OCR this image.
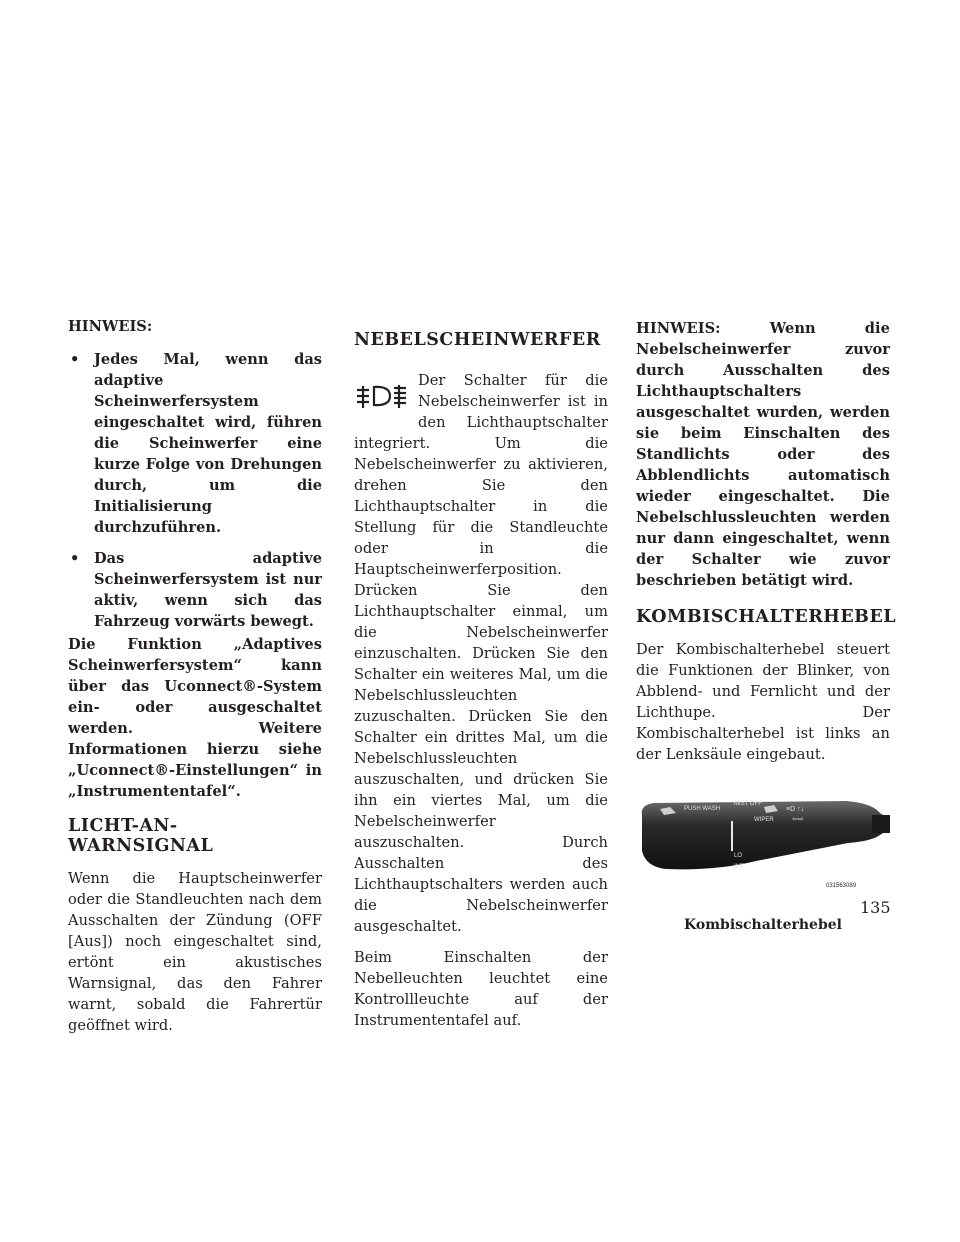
HINWEIS:

• Jedes Mal, wenn das adaptive Scheinwerfersystem eingeschaltet wird, führen die Scheinwerfer eine kurze Folge von Drehungen durch, um die Initialisierung durchzuführen.
• Das adaptive Scheinwerfersystem ist nur aktiv, wenn sich das Fahrzeug vorwärts bewegt.

Die Funktion „Adaptives Scheinwerfersystem“ kann über das Uconnect®-System ein- oder ausgeschaltet werden. Weitere Informationen hierzu siehe „Uconnect®-Einstellungen“ in „Instrumententafel“.

LICHT-AN-WARNSIGNAL

Wenn die Hauptscheinwerfer oder die Standleuchten nach dem Ausschalten der Zündung (OFF [Aus]) noch eingeschaltet sind, ertönt ein akustisches Warnsignal, das den Fahrer warnt, sobald die Fahrertür geöffnet wird.

NEBELSCHEINWERFER

Der Schalter für die Nebelscheinwerfer ist in den Lichthauptschalter integriert. Um die Nebelscheinwerfer zu aktivieren, drehen Sie den Lichthauptschalter in die Stellung für die Standleuchte oder in die Hauptscheinwerferposition. Drücken Sie den Lichthauptschalter einmal, um die Nebelscheinwerfer einzuschalten. Drücken Sie den Schalter ein weiteres Mal, um die Nebelschlussleuchten zuzuschalten. Drücken Sie den Schalter ein drittes Mal, um die Nebelschlussleuchten auszuschalten, und drücken Sie ihn ein viertes Mal, um die Nebelscheinwerfer auszuschalten. Durch Ausschalten des Lichthauptschalters werden auch die Nebelscheinwerfer ausgeschaltet.

Beim Einschalten der Nebelleuchten leuchtet eine Kontrollleuchte auf der Instrumententafel auf.

HINWEIS: Wenn die Nebelscheinwerfer zuvor durch Ausschalten des Lichthauptschalters ausgeschaltet wurden, werden sie beim Einschalten des Standlichts oder des Abblendlichts automatisch wieder eingeschaltet. Die Nebelschlussleuchten werden nur dann eingeschaltet, wenn der Schalter wie zuvor beschrieben betätigt wird.

KOMBISCHALTERHEBEL

Der Kombischalterhebel steuert die Funktionen der Blinker, von Abblend- und Fernlicht und der Lichthupe. Der Kombischalterhebel ist links an der Lenksäule eingebaut.

PUSH WASH
MIST OFF
WIPER
LO
INT
≡D ↑↓
⇦⇨
031563089
Kombischalterhebel
135
